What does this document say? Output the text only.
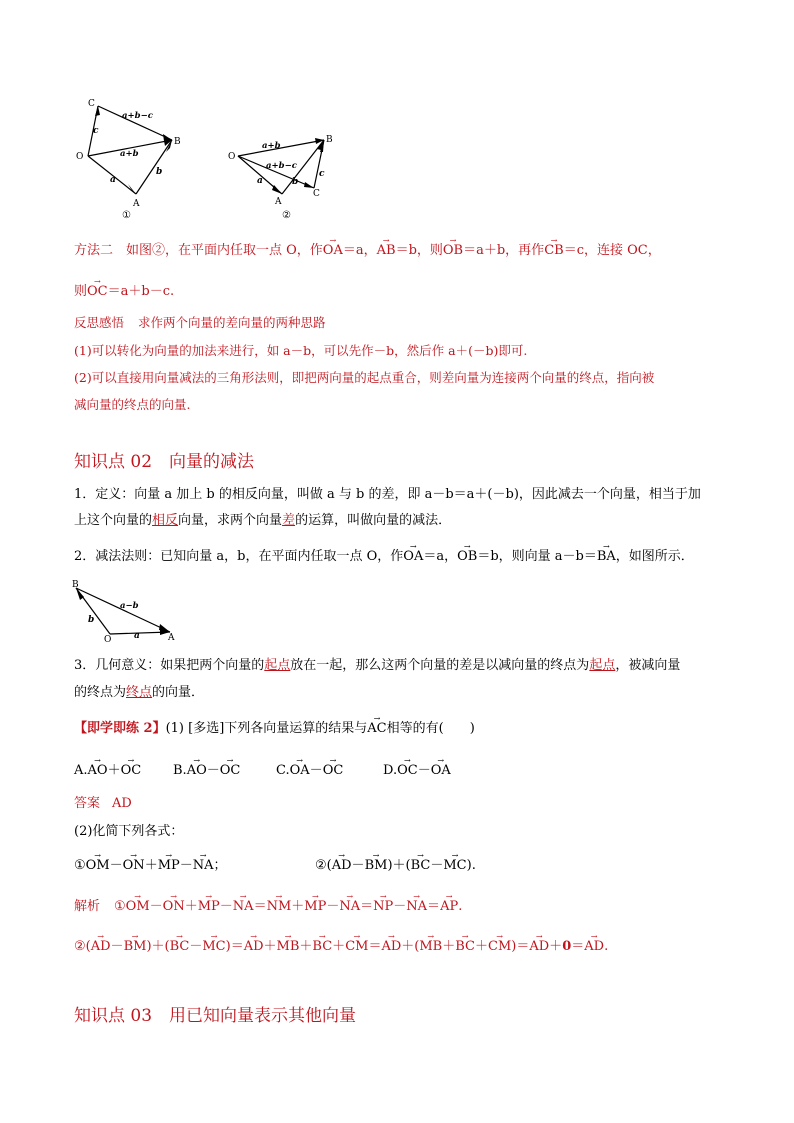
C
B
O
A
a+b−c
c
a+b
a
b
①
O
B
A
C
a+b
a+b−c
a	b
c
②
方法二　如图②，在平面内任取一点 O，作→ OA＝a，→ AB＝b，则→ OB＝a＋b，再作→ CB＝c，连接 OC，
则→ OC＝a＋b－c.
反思感悟 求作两个向量的差向量的两种思路
(1)可以转化为向量的加法来进行，如 a－b，可以先作－b，然后作 a＋(－b)即可.
(2)可以直接用向量减法的三角形法则，即把两向量的起点重合，则差向量为连接两个向量的终点，指向被
减向量的终点的向量.
知识点 02　向量的减法
1．定义：向量 a 加上 b 的相反向量，叫做 a 与 b 的差，即 a－b＝a＋(－b)，因此减去一个向量，相当于加
上这个向量的相反向量，求两个向量差的运算，叫做向量的减法．
2．减法法则：已知向量 a，b，在平面内任取一点 O，作→ OA＝a，→ OB＝b，则向量 a－b＝→ BA，如图所示．
B
O	A
a−b
b
a
3．几何意义：如果把两个向量的起点放在一起，那么这两个向量的差是以减向量的终点为起点，被减向量
的终点为终点的向量．
【即学即练 2】(1) [多选]下列各向量运算的结果与→ AC相等的有(　　)
A.→ AO＋→ OC B.→ AO－→ OC	C.→ OA－→ OC	D.→ OC－→ OA
答案 AD
(2)化简下列各式：
①→ OM－→ ON＋→ MP－→ NA；	②(→ AD－→ BM)＋(→ BC－→ MC).
解析 ①→ OM－→ ON＋→ MP－→ NA＝→ NM＋→ MP－→ NA＝→ NP－→ NA＝→ AP.
②(→ AD－→ BM)＋(→ BC－→ MC)＝→ AD＋→ MB＋→ BC＋→ CM＝→ AD＋(→ MB＋→ BC＋→ CM)＝→ AD＋0＝→ AD.
知识点 03　用已知向量表示其他向量
